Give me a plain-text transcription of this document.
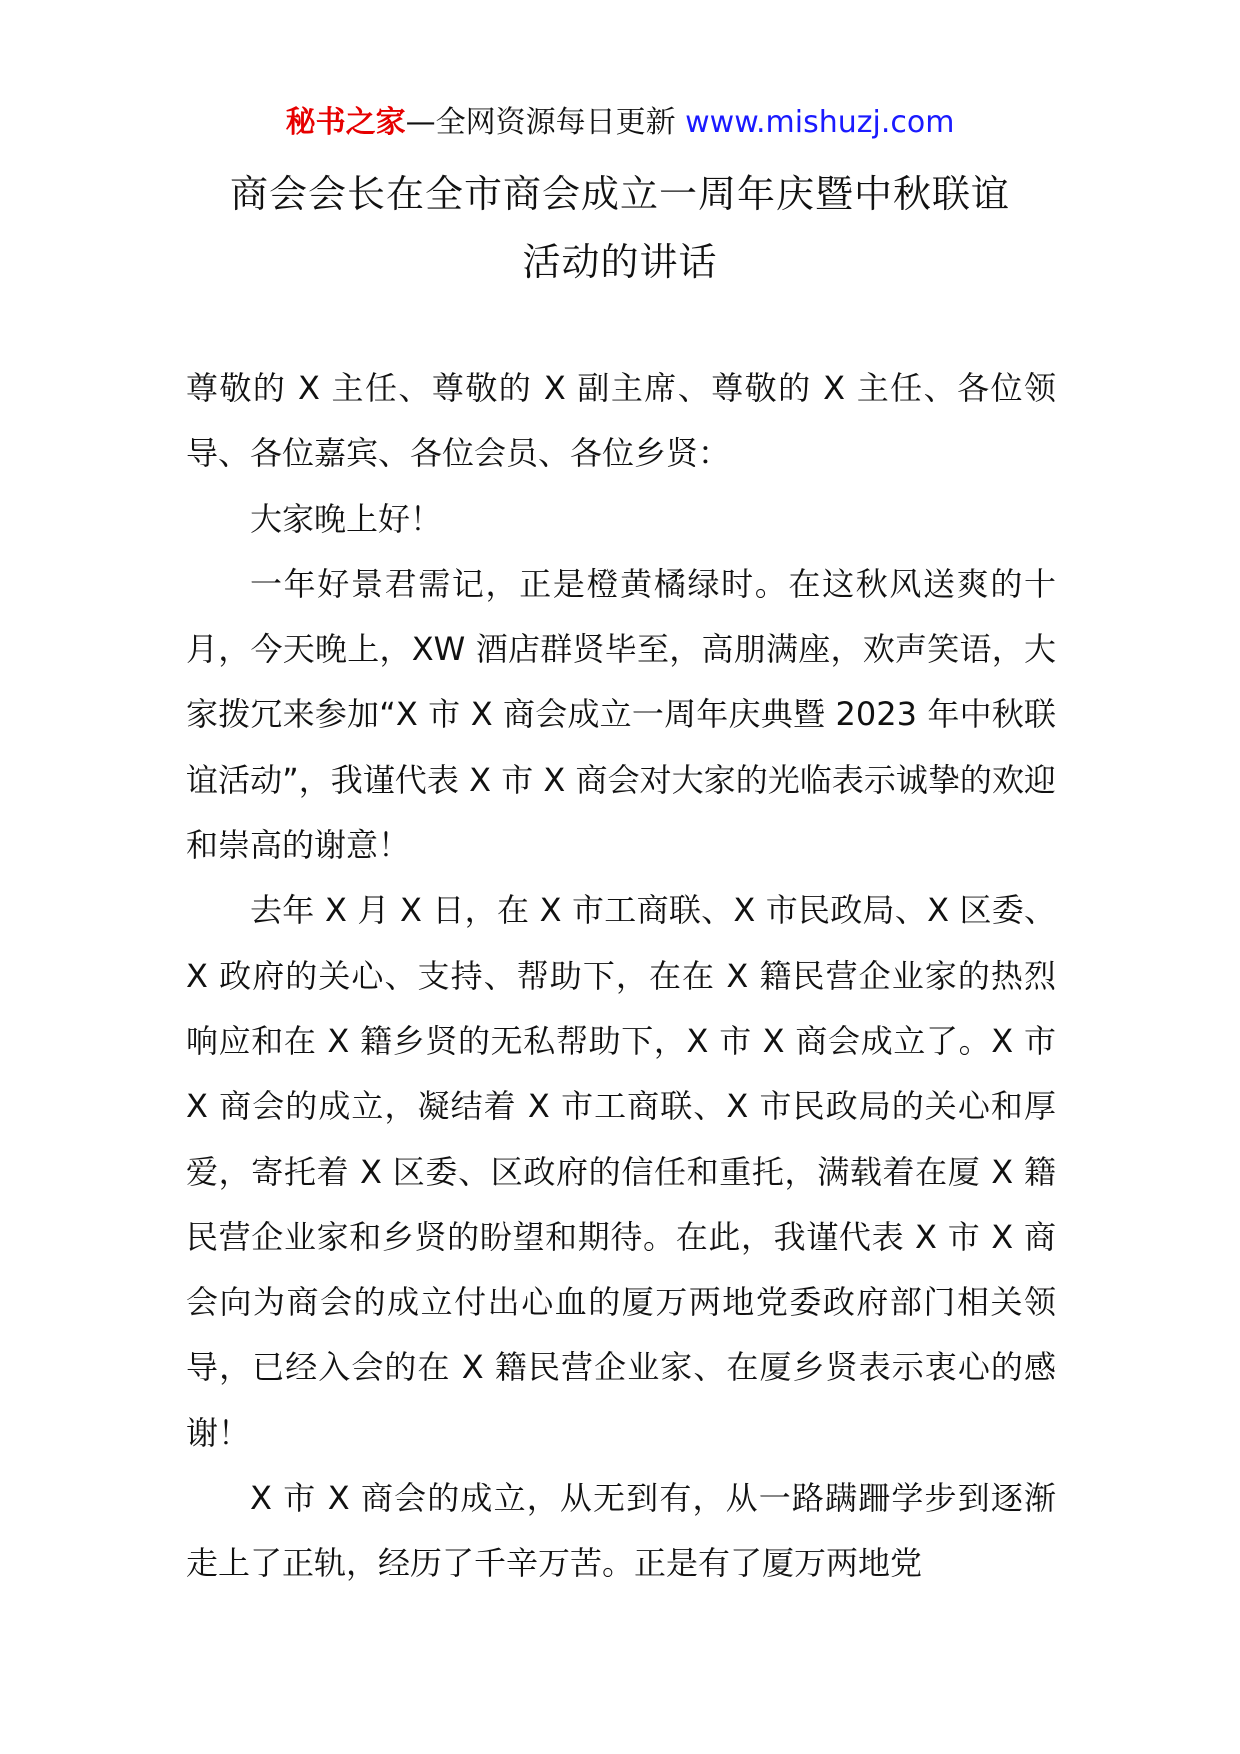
秘书之家—全网资源每日更新 www.mishuzj.com
商会会长在全市商会成立一周年庆暨中秋联谊
活动的讲话

尊敬的 X 主任、尊敬的 X 副主席、尊敬的 X 主任、各位领导、各位嘉宾、各位会员、各位乡贤：

大家晚上好！

一年好景君需记，正是橙黄橘绿时。在这秋风送爽的十月，今天晚上，XW 酒店群贤毕至，高朋满座，欢声笑语，大家拨冗来参加“X 市 X 商会成立一周年庆典暨 2023 年中秋联谊活动”，我谨代表 X 市 X 商会对大家的光临表示诚挚的欢迎和崇高的谢意！

去年 X 月 X 日，在 X 市工商联、X 市民政局、X 区委、X 政府的关心、支持、帮助下，在在 X 籍民营企业家的热烈响应和在 X 籍乡贤的无私帮助下，X 市 X 商会成立了。X 市 X 商会的成立，凝结着 X 市工商联、X 市民政局的关心和厚爱，寄托着 X 区委、区政府的信任和重托，满载着在厦 X 籍民营企业家和乡贤的盼望和期待。在此，我谨代表 X 市 X 商会向为商会的成立付出心血的厦万两地党委政府部门相关领导，已经入会的在 X 籍民营企业家、在厦乡贤表示衷心的感谢！

X 市 X 商会的成立，从无到有，从一路蹒跚学步到逐渐走上了正轨，经历了千辛万苦。正是有了厦万两地党
